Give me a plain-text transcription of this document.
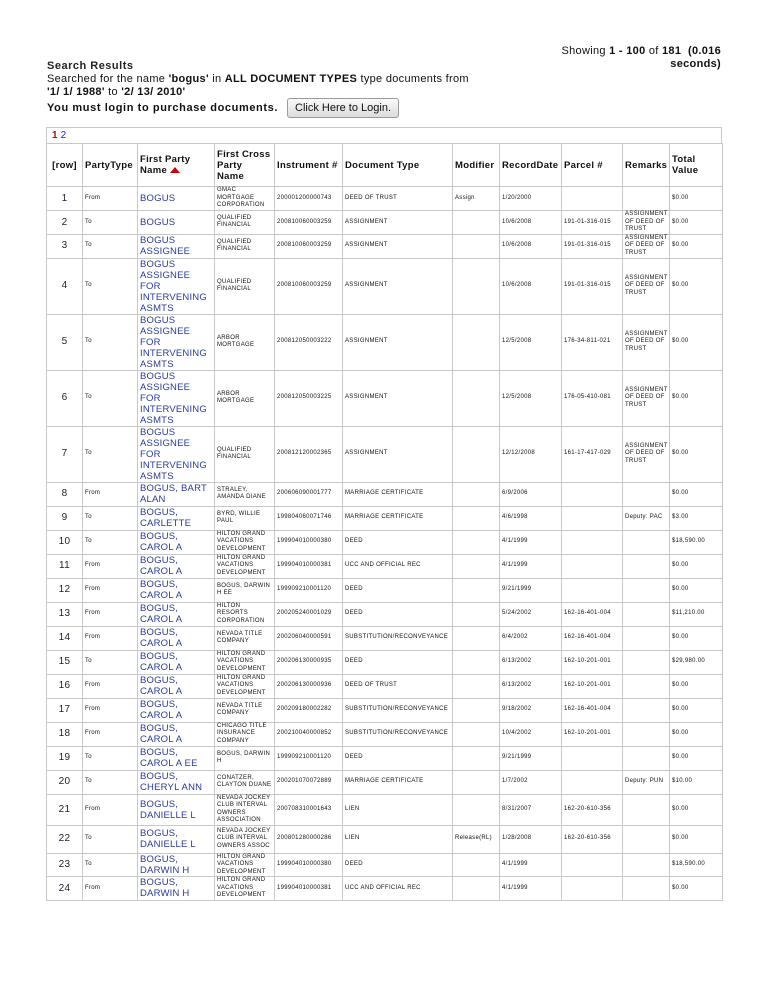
Showing 1 - 100 of 181 (0.016
seconds)
Search Results
Searched for the name 'bogus' in ALL DOCUMENT TYPES type documents from
'1/ 1/ 1988' to '2/ 13/ 2010'
You must login to purchase documents.	Click Here to Login.
1 2
[row]	PartyType	First Party Name	First Cross Party Name	Instrument #	Document Type	Modifier	RecordDate	Parcel #	Remarks	Total Value
1	From	BOGUS	GMAC MORTGAGE CORPORATION	200001200000743	DEED OF TRUST	Assign	1/20/2000			$0.00
2	To	BOGUS	QUALIFIED FINANCIAL	200810060003259	ASSIGNMENT		10/6/2008	191-01-316-015	ASSIGNMENT OF DEED OF TRUST	$0.00
3	To	BOGUS ASSIGNEE	QUALIFIED FINANCIAL	200810060003259	ASSIGNMENT		10/6/2008	191-01-316-015	ASSIGNMENT OF DEED OF TRUST	$0.00
4	To	BOGUS ASSIGNEE FOR INTERVENING ASMTS	QUALIFIED FINANCIAL	200810060003259	ASSIGNMENT		10/6/2008	191-01-316-015	ASSIGNMENT OF DEED OF TRUST	$0.00
5	To	BOGUS ASSIGNEE FOR INTERVENING ASMTS	ARBOR MORTGAGE	200812050003222	ASSIGNMENT		12/5/2008	176-34-811-021	ASSIGNMENT OF DEED OF TRUST	$0.00
6	To	BOGUS ASSIGNEE FOR INTERVENING ASMTS	ARBOR MORTGAGE	200812050003225	ASSIGNMENT		12/5/2008	176-05-410-081	ASSIGNMENT OF DEED OF TRUST	$0.00
7	To	BOGUS ASSIGNEE FOR INTERVENING ASMTS	QUALIFIED FINANCIAL	200812120002365	ASSIGNMENT		12/12/2008	161-17-417-029	ASSIGNMENT OF DEED OF TRUST	$0.00
8	From	BOGUS, BART ALAN	STRALEY, AMANDA DIANE	200606090001777	MARRIAGE CERTIFICATE		6/9/2006			$0.00
9	To	BOGUS, CARLETTE	BYRD, WILLIE PAUL	199804060071746	MARRIAGE CERTIFICATE		4/6/1998		Deputy: PAC	$3.00
10	To	BOGUS, CAROL A	HILTON GRAND VACATIONS DEVELOPMENT	199904010000380	DEED		4/1/1999			$18,590.00
11	From	BOGUS, CAROL A	HILTON GRAND VACATIONS DEVELOPMENT	199904010000381	UCC AND OFFICIAL REC		4/1/1999			$0.00
12	From	BOGUS, CAROL A	BOGUS, DARWIN H EE	199909210001120	DEED		9/21/1999			$0.00
13	From	BOGUS, CAROL A	HILTON RESORTS CORPORATION	200205240001029	DEED		5/24/2002	162-16-401-004		$11,210.00
14	From	BOGUS, CAROL A	NEVADA TITLE COMPANY	200206040000591	SUBSTITUTION/RECONVEYANCE		6/4/2002	162-16-401-004		$0.00
15	To	BOGUS, CAROL A	HILTON GRAND VACATIONS DEVELOPMENT	200206130000935	DEED		6/13/2002	162-10-201-001		$29,980.00
16	From	BOGUS, CAROL A	HILTON GRAND VACATIONS DEVELOPMENT	200206130000936	DEED OF TRUST		6/13/2002	162-10-201-001		$0.00
17	From	BOGUS, CAROL A	NEVADA TITLE COMPANY	200209180002282	SUBSTITUTION/RECONVEYANCE		9/18/2002	162-16-401-004		$0.00
18	From	BOGUS, CAROL A	CHICAGO TITLE INSURANCE COMPANY	200210040000852	SUBSTITUTION/RECONVEYANCE		10/4/2002	162-10-201-001		$0.00
19	To	BOGUS, CAROL A EE	BOGUS, DARWIN H	199909210001120	DEED		9/21/1999			$0.00
20	To	BOGUS, CHERYL ANN	CONATZER, CLAYTON DUANE	200201070072889	MARRIAGE CERTIFICATE		1/7/2002		Deputy: PUN	$10.00
21	From	BOGUS, DANIELLE L	NEVADA JOCKEY CLUB INTERVAL OWNERS ASSOCIATION	200708310001643	LIEN		8/31/2007	162-20-610-356		$0.00
22	To	BOGUS, DANIELLE L	NEVADA JOCKEY CLUB INTERVAL OWNERS ASSOC	200801280000286	LIEN	Release(RL)	1/28/2008	162-20-610-356		$0.00
23	To	BOGUS, DARWIN H	HILTON GRAND VACATIONS DEVELOPMENT	199904010000380	DEED		4/1/1999			$18,590.00
24	From	BOGUS, DARWIN H	HILTON GRAND VACATIONS DEVELOPMENT	199904010000381	UCC AND OFFICIAL REC		4/1/1999			$0.00
